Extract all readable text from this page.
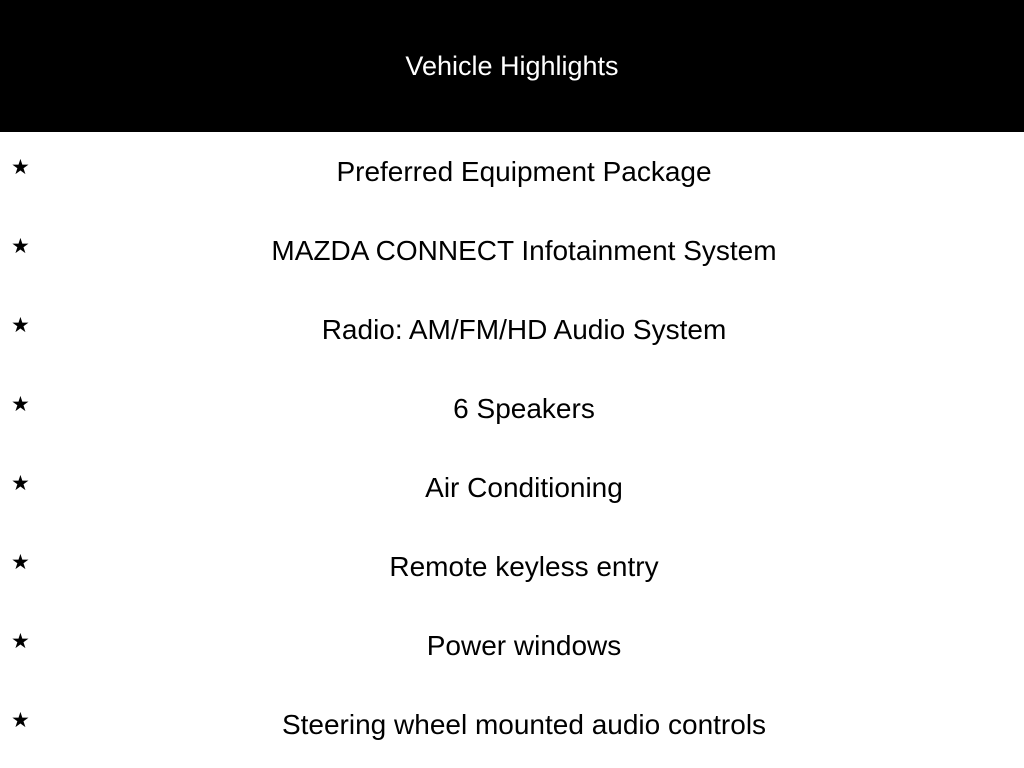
Vehicle Highlights
★	Preferred Equipment Package
★	MAZDA CONNECT Infotainment System
★	Radio: AM/FM/HD Audio System
★	6 Speakers
★	Air Conditioning
★	Remote keyless entry
★	Power windows
★	Steering wheel mounted audio controls
